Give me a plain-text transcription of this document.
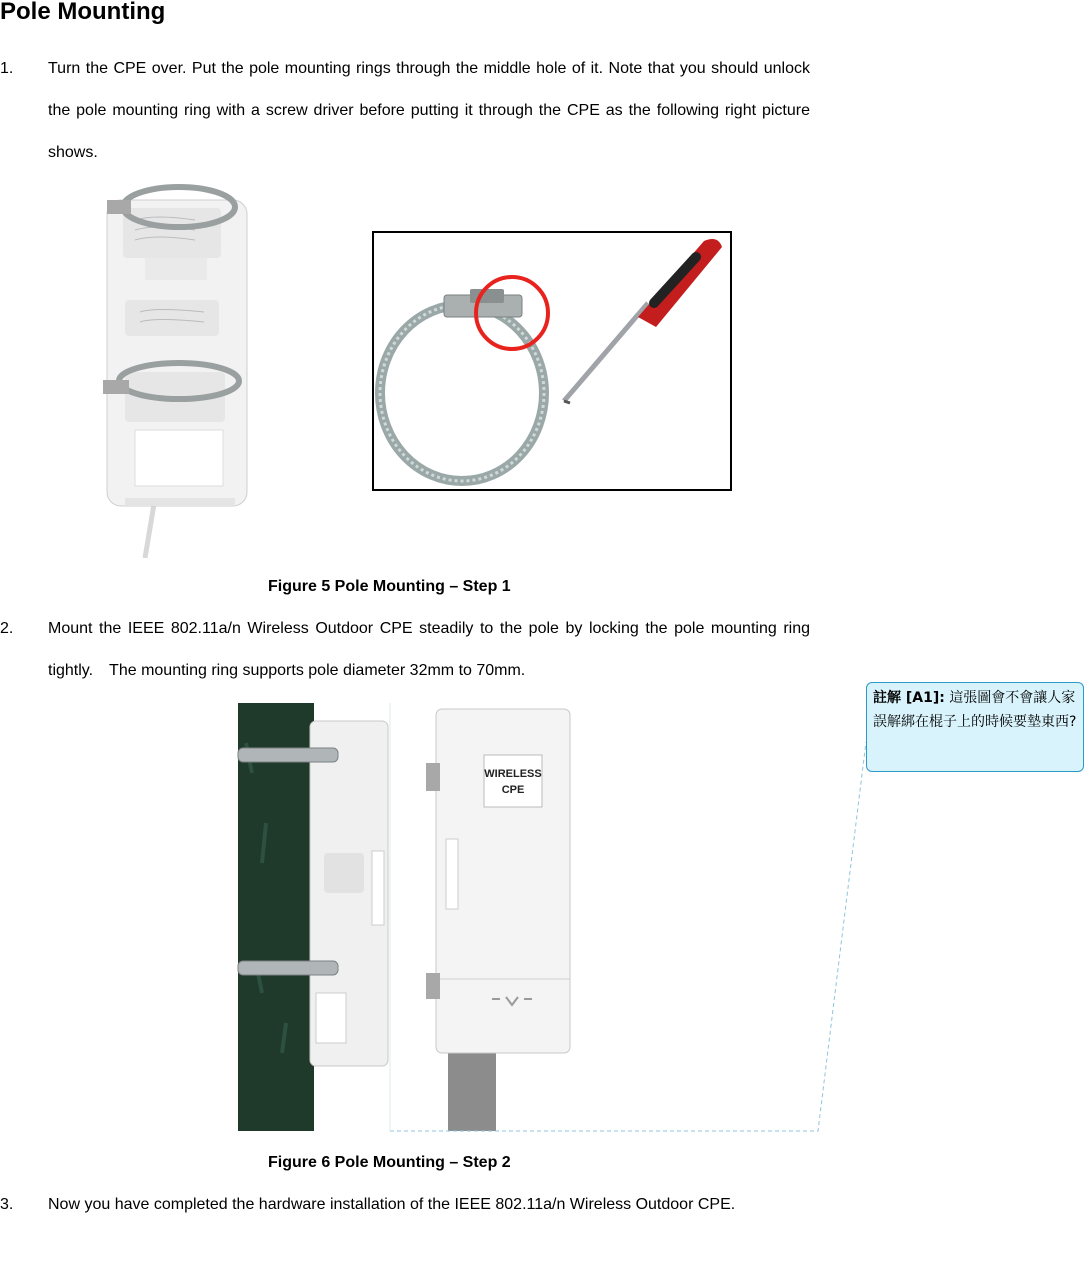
Pole Mounting
1. Turn the CPE over. Put the pole mounting rings through the middle hole of it. Note that you should unlock the pole mounting ring with a screw driver before putting it through the CPE as the following right picture shows.
Figure 5 Pole Mounting – Step 1
2. Mount the IEEE 802.11a/n Wireless Outdoor CPE steadily to the pole by locking the pole mounting ring tightly.　The mounting ring supports pole diameter 32mm to 70mm.
WIRELESS
CPE
Figure 6 Pole Mounting – Step 2
3. Now you have completed the hardware installation of the IEEE 802.11a/n Wireless Outdoor CPE.
註解 [A1]: 這張圖會不會讓人家誤解綁在棍子上的時候要墊東西?
